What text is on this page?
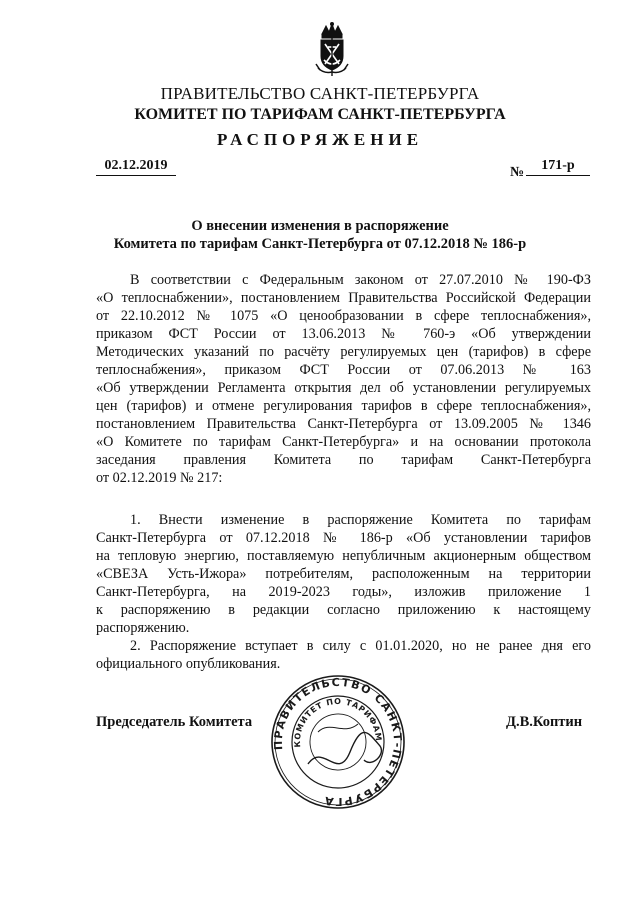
ПРАВИТЕЛЬСТВО САНКТ-ПЕТЕРБУРГА
КОМИТЕТ ПО ТАРИФАМ САНКТ-ПЕТЕРБУРГА
РАСПОРЯЖЕНИЕ
02.12.2019	№	171-р
О внесении изменения в распоряжение
Комитета по тарифам Санкт-Петербурга от 07.12.2018 № 186-р
В соответствии с Федеральным законом от 27.07.2010 № 190-ФЗ
«О теплоснабжении», постановлением Правительства Российской Федерации
от 22.10.2012 № 1075 «О ценообразовании в сфере теплоснабжения»,
приказом ФСТ России от 13.06.2013 № 760-э «Об утверждении
Методических указаний по расчёту регулируемых цен (тарифов) в сфере
теплоснабжения», приказом ФСТ России от 07.06.2013 № 163
«Об утверждении Регламента открытия дел об установлении регулируемых
цен (тарифов) и отмене регулирования тарифов в сфере теплоснабжения»,
постановлением Правительства Санкт-Петербурга от 13.09.2005 № 1346
«О Комитете по тарифам Санкт-Петербурга» и на основании протокола
заседания правления Комитета по тарифам Санкт-Петербурга
от 02.12.2019 № 217:
1. Внести изменение в распоряжение Комитета по тарифам
Санкт-Петербурга от 07.12.2018 № 186-р «Об установлении тарифов
на тепловую энергию, поставляемую непубличным акционерным обществом
«СВЕЗА Усть-Ижора» потребителям, расположенным на территории
Санкт-Петербурга, на 2019-2023 годы», изложив приложение 1
к распоряжению в редакции согласно приложению к настоящему
распоряжению.
2. Распоряжение вступает в силу с 01.01.2020, но не ранее дня его
официального опубликования.
ПРАВИТЕЛЬСТВО САНКТ-ПЕТЕРБУРГА
КОМИТЕТ ПО ТАРИФАМ
Председатель Комитета	Д.В.Коптин
